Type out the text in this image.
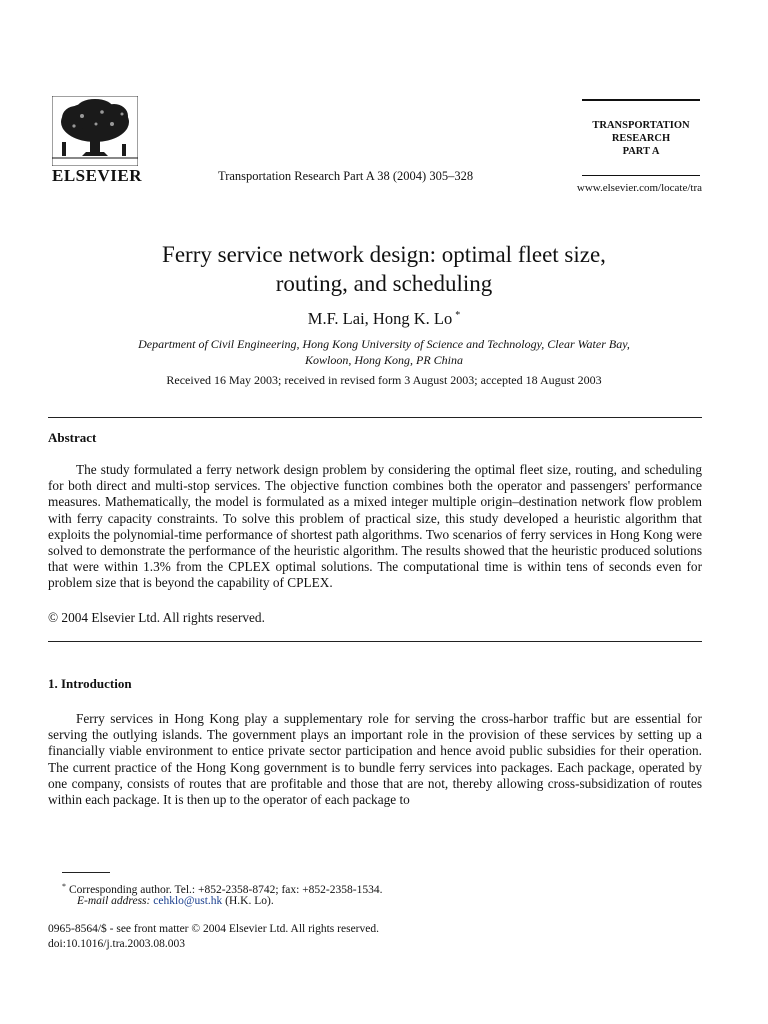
ELSEVIER	Transportation Research Part A 38 (2004) 305–328
TRANSPORTATION
RESEARCH
PART A
www.elsevier.com/locate/tra
Ferry service network design: optimal fleet size,
routing, and scheduling
M.F. Lai, Hong K. Lo *
Department of Civil Engineering, Hong Kong University of Science and Technology, Clear Water Bay,
Kowloon, Hong Kong, PR China
Received 16 May 2003; received in revised form 3 August 2003; accepted 18 August 2003
Abstract
The study formulated a ferry network design problem by considering the optimal fleet size, routing, and scheduling for both direct and multi-stop services. The objective function combines both the operator and passengers' performance measures. Mathematically, the model is formulated as a mixed integer multiple origin–destination network flow problem with ferry capacity constraints. To solve this problem of practical size, this study developed a heuristic algorithm that exploits the polynomial-time performance of shortest path algorithms. Two scenarios of ferry services in Hong Kong were solved to demonstrate the performance of the heuristic algorithm. The results showed that the heuristic produced solutions that were within 1.3% from the CPLEX optimal solutions. The computational time is within tens of seconds even for problem size that is beyond the capability of CPLEX.
© 2004 Elsevier Ltd. All rights reserved.
1. Introduction
Ferry services in Hong Kong play a supplementary role for serving the cross-harbor traffic but are essential for serving the outlying islands. The government plays an important role in the provision of these services by setting up a financially viable environment to entice private sector participation and hence avoid public subsidies for their operation. The current practice of the Hong Kong government is to bundle ferry services into packages. Each package, operated by one company, consists of routes that are profitable and those that are not, thereby allowing cross-subsidization of routes within each package. It is then up to the operator of each package to
* Corresponding author. Tel.: +852-2358-8742; fax: +852-2358-1534.
E-mail address: cehklo@ust.hk (H.K. Lo).
0965-8564/$ - see front matter © 2004 Elsevier Ltd. All rights reserved.
doi:10.1016/j.tra.2003.08.003
